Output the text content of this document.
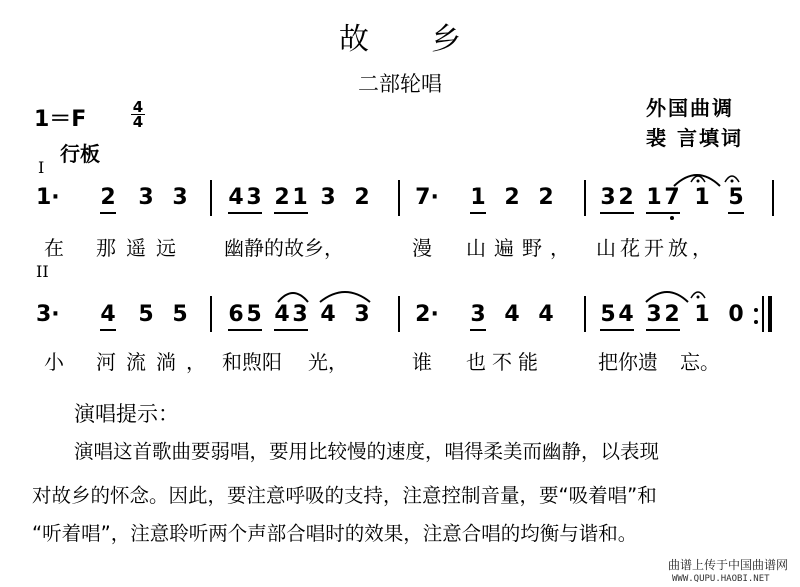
故乡
二部轮唱
外国曲调
裴 言填词
1＝F	4
4
行板
I
II
1· 2 3 3 4 3 2 1 3 2 7· 1 2 2 3 2 1 7 1 5
在 那遥远 幽静的故乡，	漫 山遍野， 山花开放，
3· 4 5 5 6 5 4 3 4 3 2· 3 4 4 5 4 3 2 1 0
小 河流淌， 和煦阳 光，	谁 也不能	把你遗 忘。
演唱提示：
演唱这首歌曲要弱唱，要用比较慢的速度，唱得柔美而幽静，以表现
对故乡的怀念。因此，要注意呼吸的支持，注意控制音量，要“吸着唱”和
“听着唱”，注意聆听两个声部合唱时的效果，注意合唱的均衡与谐和。
曲谱上传于中国曲谱网
WWW.QUPU.HAOBI.NET
